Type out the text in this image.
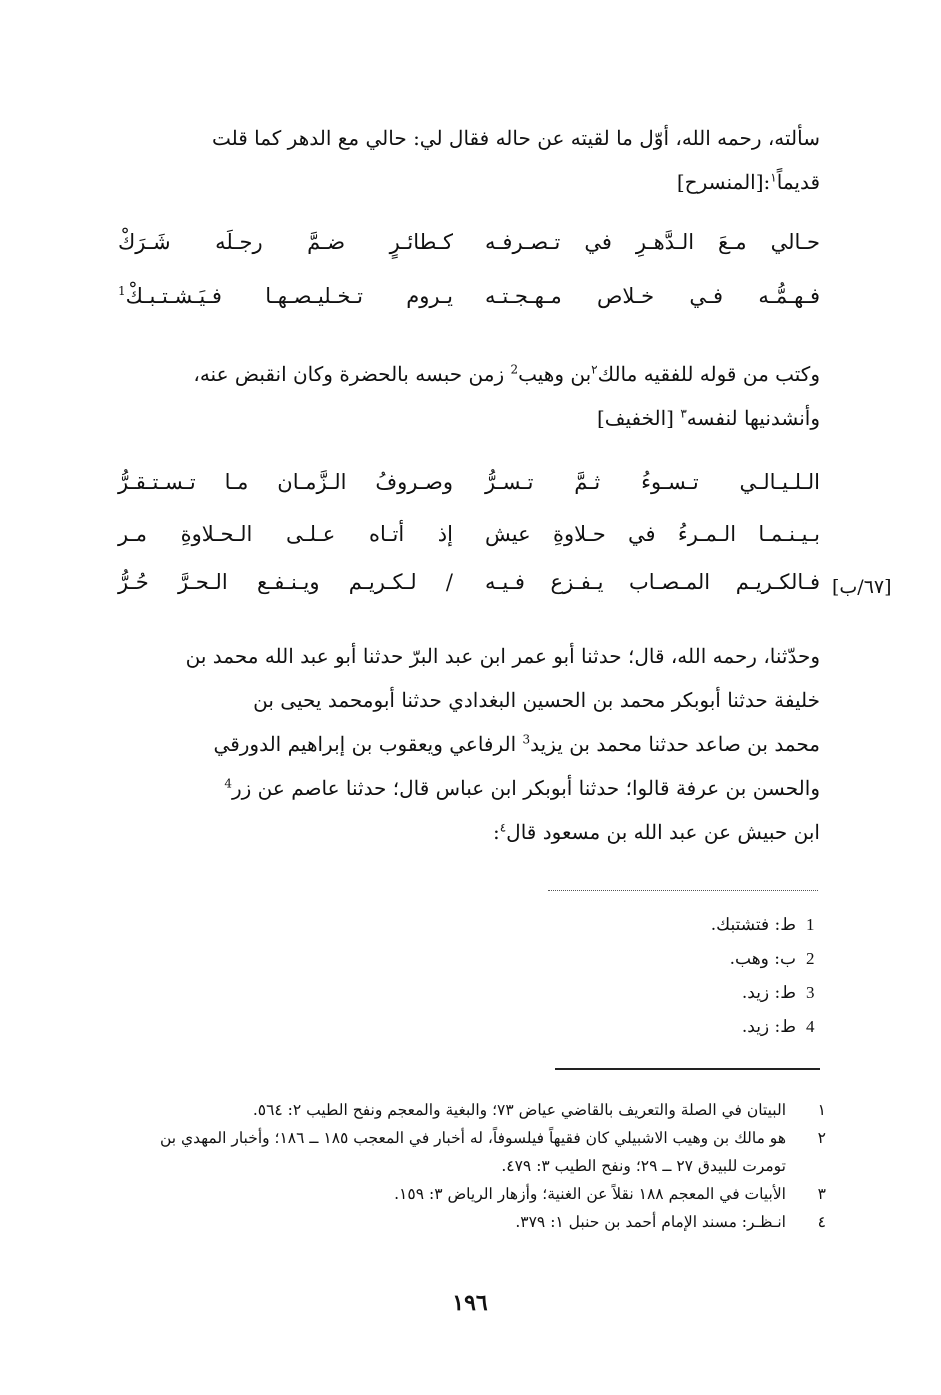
سألته، رحمه الله، أوّل ما لقيته عن حاله فقال لي: حالي مع الدهر كما قلت
قديماً$^١$:[المنسرح]
حـالي مـعَ الـدَّهـرِ في تـصـرفـه
كـطائـرٍ ضـمَّ رجـلَه شَـرَكْ
فـهـمُّـه فـي خـلاص مـهـجـتـه
يـروم تـخـليـصـهـا فـيَـشـتـبـكْ$^1$
وكتب من قوله للفقيه مالك$^٢$بن وهيب$^2$ زمن حبسه بالحضرة وكان انقبض عنه،
وأنشدنيها لنفسه$^٣$ [الخفيف]
الـلـيـالـي تـسـوءُ ثـمَّ تـسـرُّ
وصـروفُ الـزَّمـان مـا تـسـتـقـرُّ
بـيـنـمـا الـمـرءُ في حـلاوةِ عيش
إذ أتـاه عـلـى الـحـلاوةِ مـر
فـالكـريـم المـصـاب يـفـزع فـيـه
/ لـكـريـم ويـنـفـع الـحـرَّ حُـرُّ	[٦٧/ب]
وحدّثنا، رحمه الله، قال؛ حدثنا أبو عمر ابن عبد البرّ حدثنا أبو عبد الله محمد بن
خليفة حدثنا أبوبكر محمد بن الحسين البغدادي حدثنا أبومحمد يحيى بن
محمد بن صاعد حدثنا محمد بن يزيد$^3$ الرفاعي ويعقوب بن إبراهيم الدورقي
والحسن بن عرفة قالوا؛ حدثنا أبوبكر ابن عباس قال؛ حدثنا عاصم عن زر$^4$
ابن حبيش عن عبد الله بن مسعود قال$^٤$:
1ط: فتشتبك.
2ب: وهب.
3ط: زيد.
4ط: زيد.
١
البيتان في الصلة والتعريف بالقاضي عياض ٧٣؛ والبغية والمعجم ونفح الطيب ٢: ٥٦٤.
٢
هو مالك بن وهيب الاشبيلي كان فقيهاً فيلسوفاً، له أخبار في المعجب ١٨٥ ــ ١٨٦؛ وأخبار المهدي بن تومرت للبيدق ٢٧ ــ ٢٩؛ ونفح الطيب ٣: ٤٧٩.
٣
الأبيات في المعجم ١٨٨ نقلاً عن الغنية؛ وأزهار الرياض ٣: ١٥٩.
٤
انـظـر: مسند الإمام أحمد بن حنبل ١: ٣٧٩.
١٩٦
